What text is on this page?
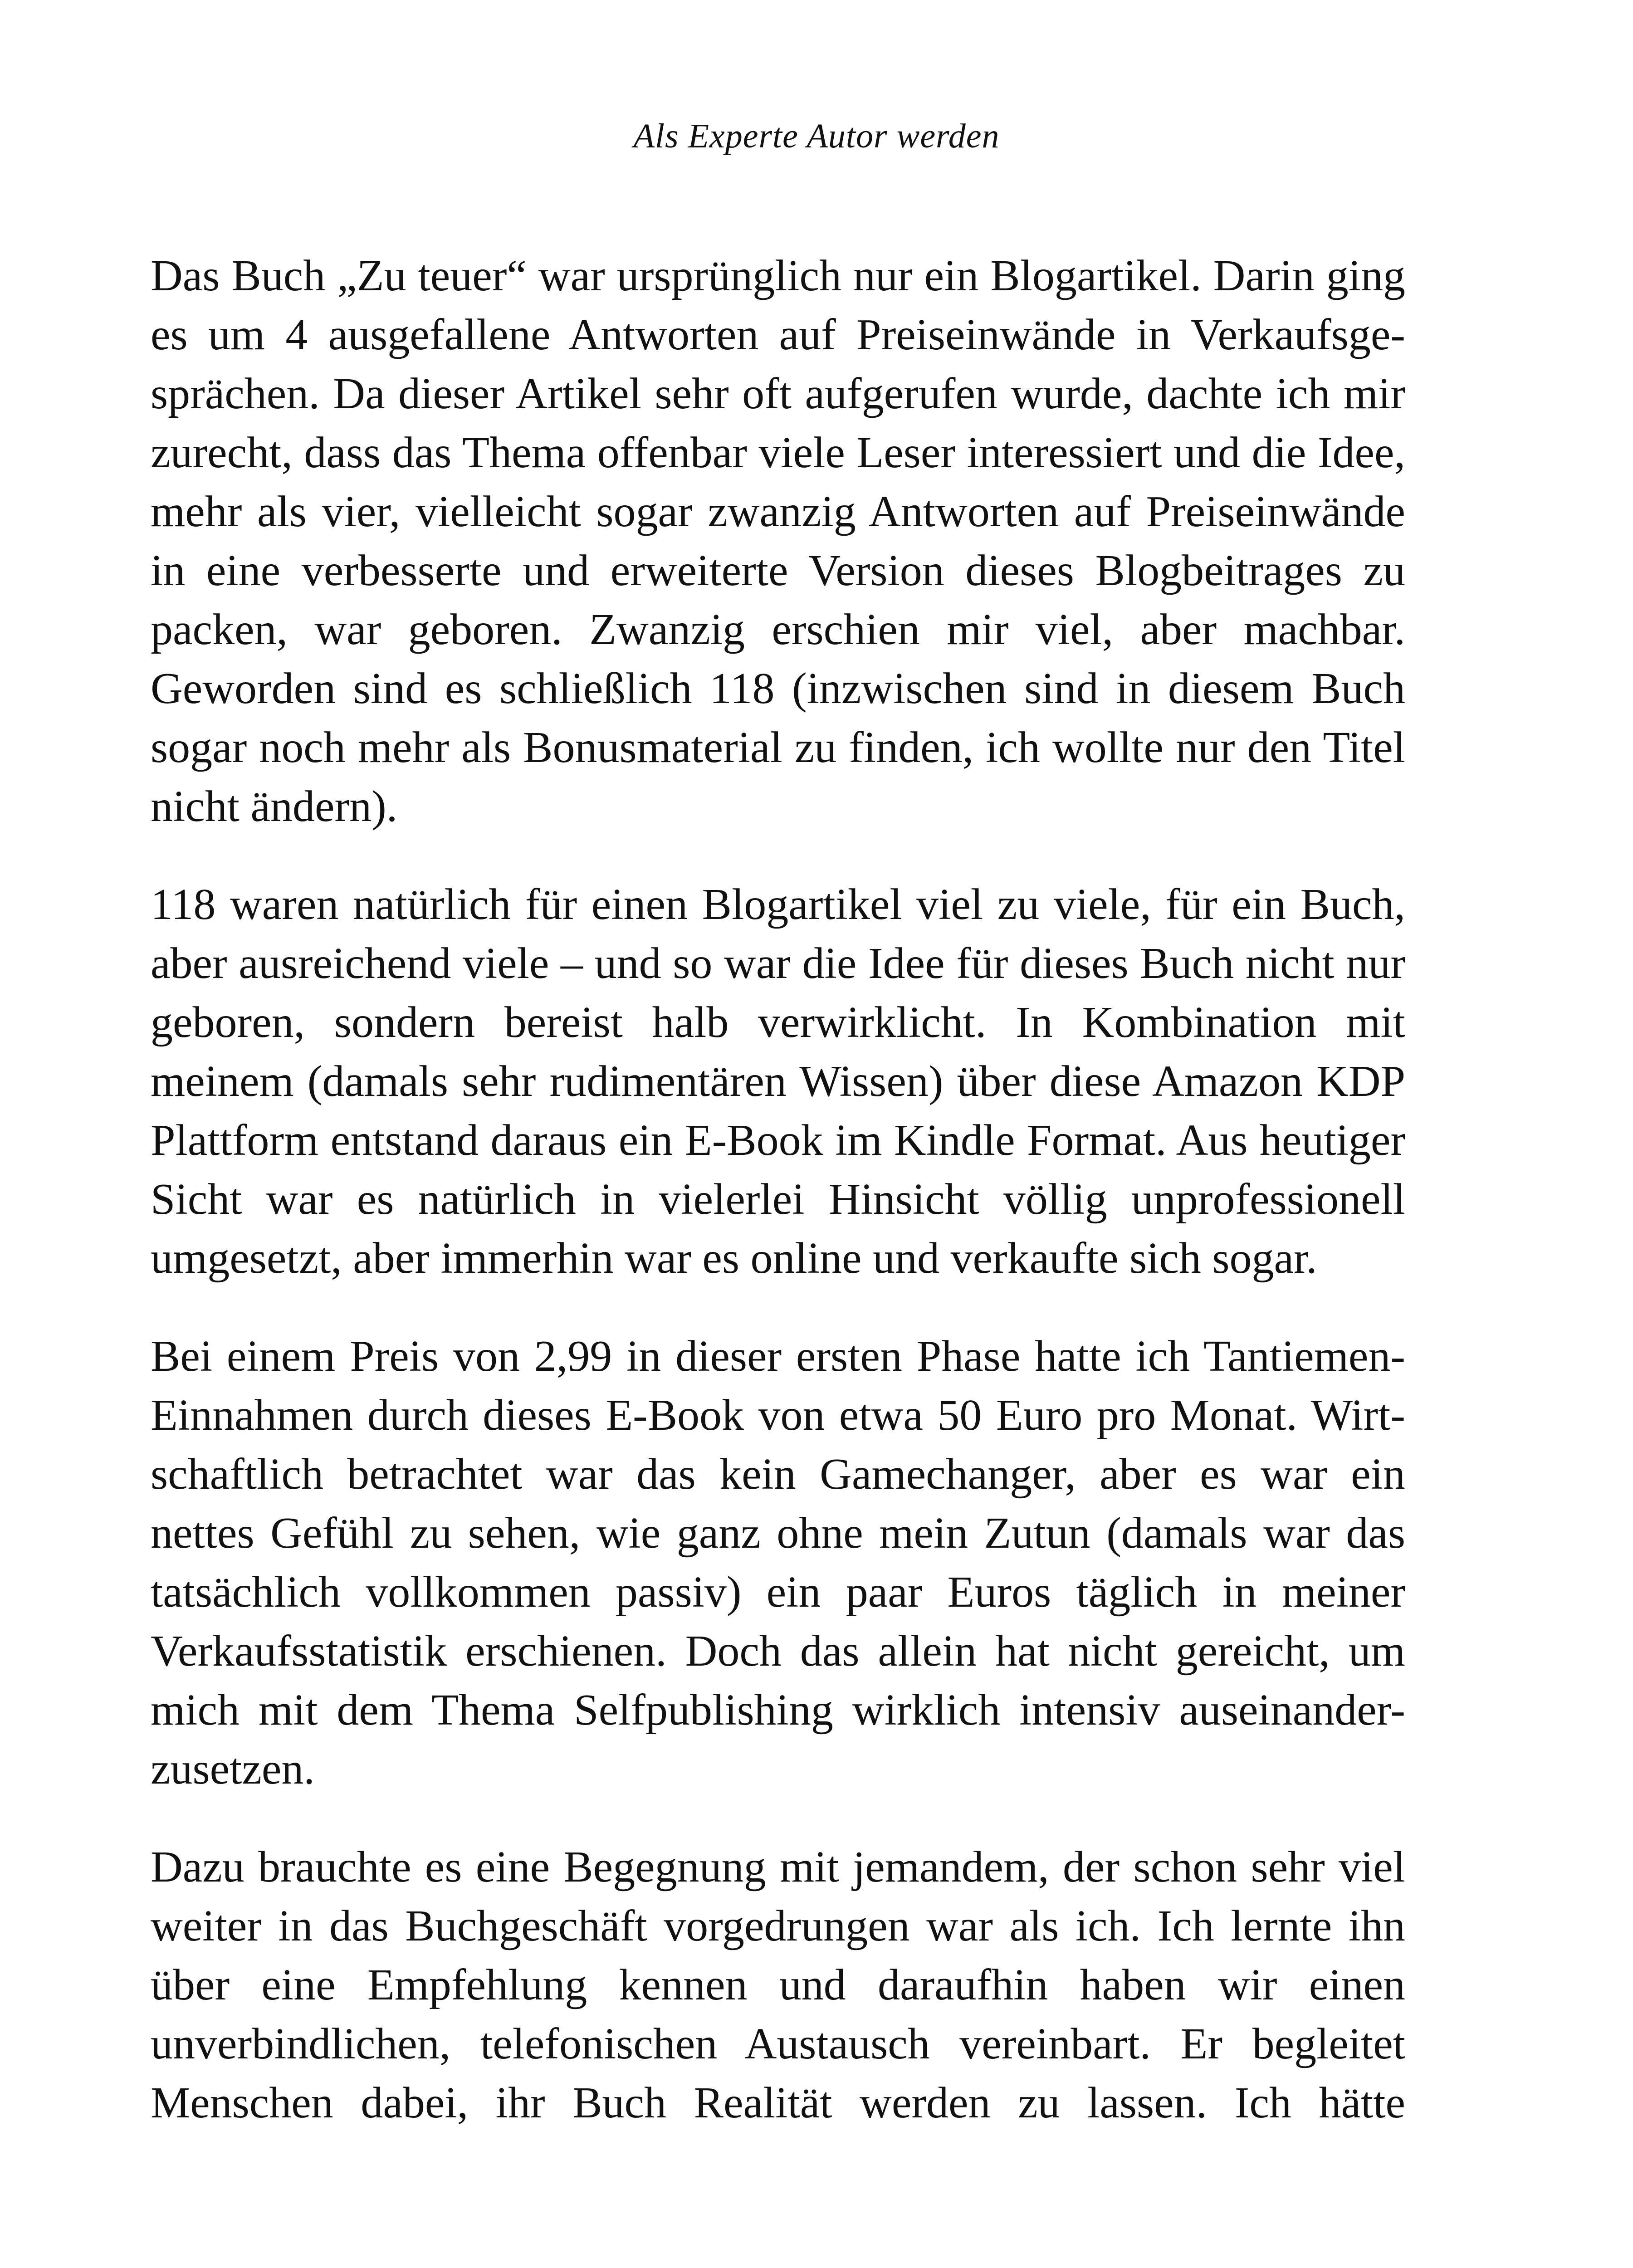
Als Experte Autor werden
Das Buch „Zu teuer“ war ursprünglich nur ein Blogartikel. Darin ging
es um 4 ausgefallene Antworten auf Preiseinwände in Verkaufsge-
sprächen. Da dieser Artikel sehr oft aufgerufen wurde, dachte ich mir
zurecht, dass das Thema offenbar viele Leser interessiert und die Idee,
mehr als vier, vielleicht sogar zwanzig Antworten auf Preiseinwände
in eine verbesserte und erweiterte Version dieses Blogbeitrages zu
packen, war geboren. Zwanzig erschien mir viel, aber machbar.
Geworden sind es schließlich 118 (inzwischen sind in diesem Buch
sogar noch mehr als Bonusmaterial zu finden, ich wollte nur den Titel
nicht ändern).
118 waren natürlich für einen Blogartikel viel zu viele, für ein Buch,
aber ausreichend viele – und so war die Idee für dieses Buch nicht nur
geboren, sondern bereist halb verwirklicht. In Kombination mit
meinem (damals sehr rudimentären Wissen) über diese Amazon KDP
Plattform entstand daraus ein E-Book im Kindle Format. Aus heutiger
Sicht war es natürlich in vielerlei Hinsicht völlig unprofessionell
umgesetzt, aber immerhin war es online und verkaufte sich sogar.
Bei einem Preis von 2,99 in dieser ersten Phase hatte ich Tantiemen-
Einnahmen durch dieses E-Book von etwa 50 Euro pro Monat. Wirt-
schaftlich betrachtet war das kein Gamechanger, aber es war ein
nettes Gefühl zu sehen, wie ganz ohne mein Zutun (damals war das
tatsächlich vollkommen passiv) ein paar Euros täglich in meiner
Verkaufsstatistik erschienen. Doch das allein hat nicht gereicht, um
mich mit dem Thema Selfpublishing wirklich intensiv auseinander-
zusetzen.
Dazu brauchte es eine Begegnung mit jemandem, der schon sehr viel
weiter in das Buchgeschäft vorgedrungen war als ich. Ich lernte ihn
über eine Empfehlung kennen und daraufhin haben wir einen
unverbindlichen, telefonischen Austausch vereinbart. Er begleitet
Menschen dabei, ihr Buch Realität werden zu lassen. Ich hätte
